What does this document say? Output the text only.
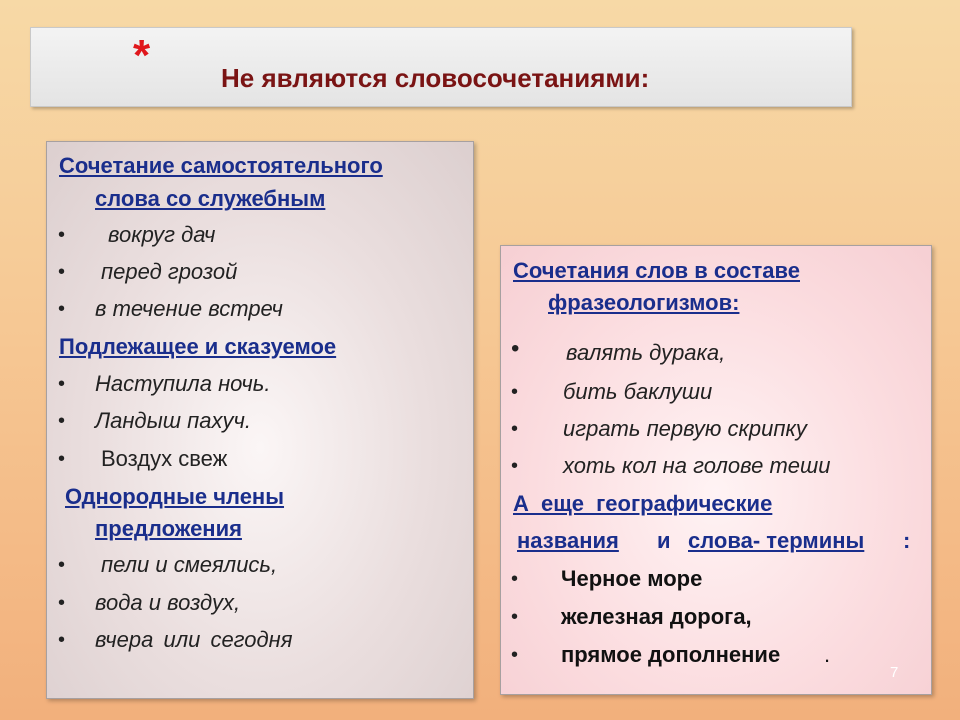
*	Не являются словосочетаниями:
Сочетание самостоятельного
слова со служебным
• вокруг дач
• перед грозой
• в течение встреч
Подлежащее и сказуемое
• Наступила ночь.
• Ландыш пахуч.
• Воздух свеж
Однородные члены
предложения
• пели и смеялись,
• вода и воздух,
• вчера или сегодня
Сочетания слов в составе
фразеологизмов:
• валять дурака,
• бить баклуши
• играть первую скрипку
• хоть кол на голове теши
А еще географические
названия и слова- термины :
• Черное море
• железная дорога,
• прямое дополнение .
7
